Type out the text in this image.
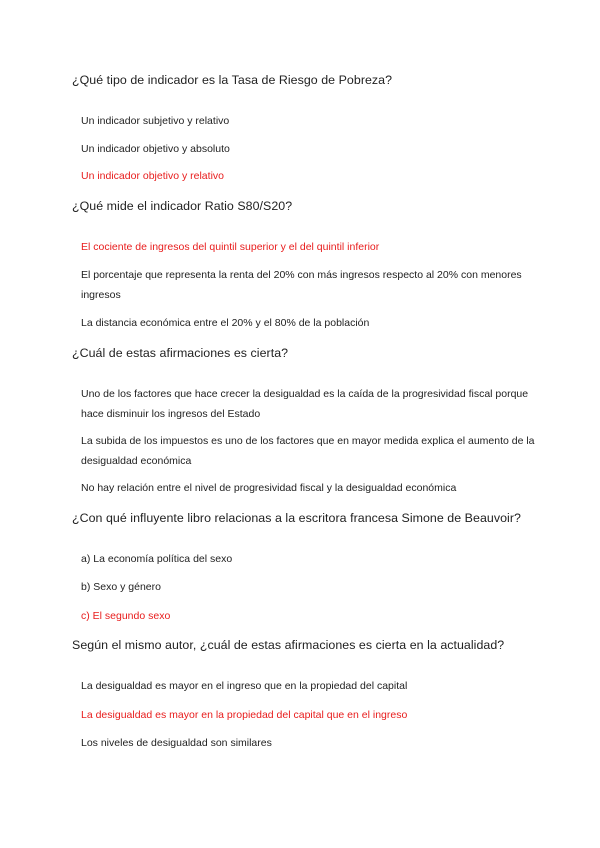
¿Qué tipo de indicador es la Tasa de Riesgo de Pobreza?
Un indicador subjetivo y relativo
Un indicador objetivo y absoluto
Un indicador objetivo y relativo
¿Qué mide el indicador Ratio S80/S20?
El cociente de ingresos del quintil superior y el del quintil inferior
El porcentaje que representa la renta del 20% con más ingresos respecto al 20% con menores ingresos
La distancia económica entre el 20% y el 80% de la población
¿Cuál de estas afirmaciones es cierta?
Uno de los factores que hace crecer la desigualdad es la caída de la progresividad fiscal porque hace disminuir los ingresos del Estado
La subida de los impuestos es uno de los factores que en mayor medida explica el aumento de la desigualdad económica
No hay relación entre el nivel de progresividad fiscal y la desigualdad económica
¿Con qué influyente libro relacionas a la escritora francesa Simone de Beauvoir?
a) La economía política del sexo
b) Sexo y género
c) El segundo sexo
Según el mismo autor, ¿cuál de estas afirmaciones es cierta en la actualidad?
La desigualdad es mayor en el ingreso que en la propiedad del capital
La desigualdad es mayor en la propiedad del capital que en el ingreso
Los niveles de desigualdad son similares
